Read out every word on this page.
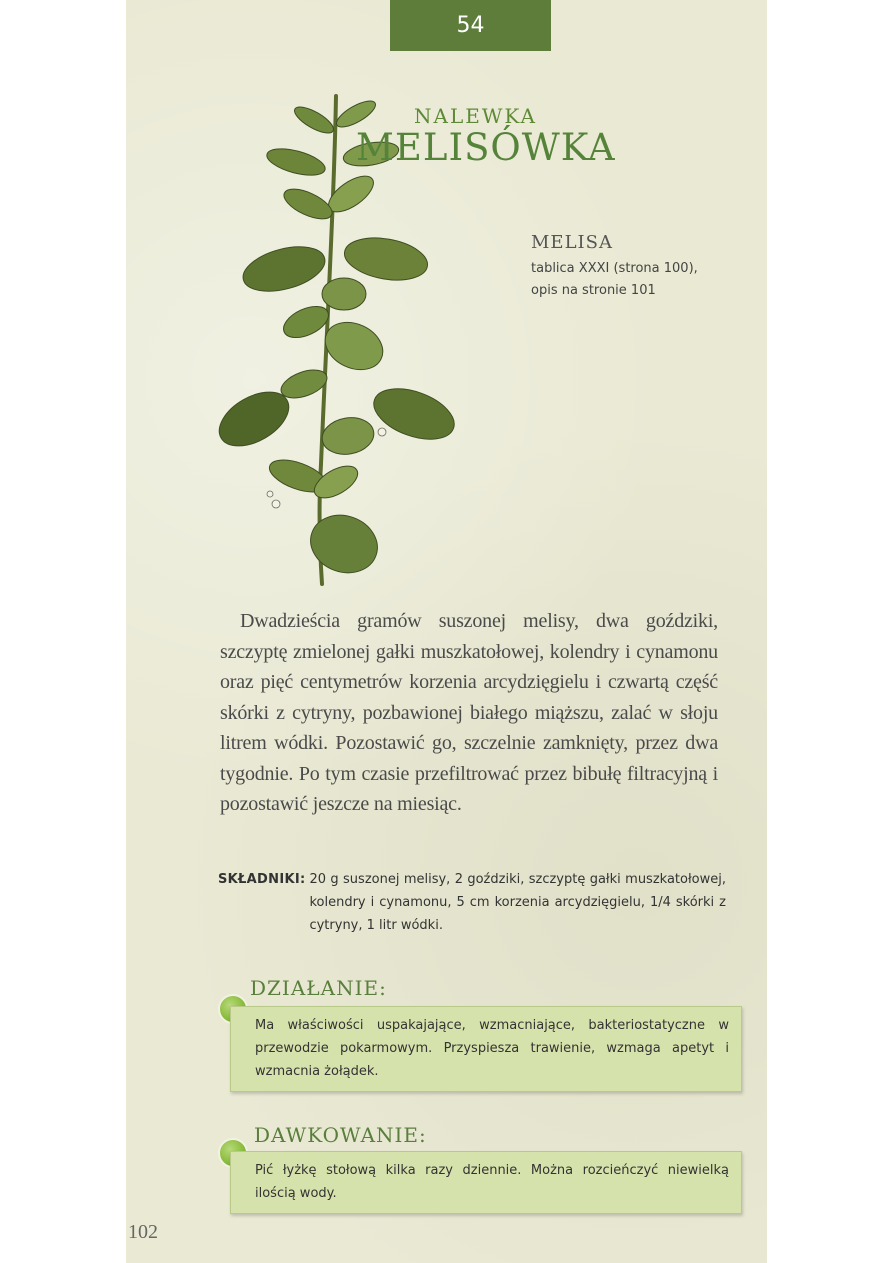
54
NALEWKA
MELISÓWKA
MELISA
tablica XXXI (strona 100),
opis na stronie 101
Dwadzieścia gramów suszonej melisy, dwa goździki, szczyptę zmielonej gałki muszkatołowej, kolendry i cynamonu oraz pięć centymetrów korzenia arcydzięgielu i czwartą część skórki z cytryny, pozbawionej białego miąższu, zalać w słoju litrem wódki. Pozostawić go, szczelnie zamknięty, przez dwa tygodnie. Po tym czasie przefiltrować przez bibułę filtracyjną i pozostawić jeszcze na miesiąc.
SKŁADNIKI: 20 g suszonej melisy, 2 goździki, szczyptę gałki muszkatołowej, kolendry i cynamonu, 5 cm korzenia arcydzięgielu, 1/4 skórki z cytryny, 1 litr wódki.
DZIAŁANIE:
Ma właściwości uspakajające, wzmacniające, bakteriostatyczne w przewodzie pokarmowym. Przyspiesza trawienie, wzmaga apetyt i wzmacnia żołądek.
DAWKOWANIE:
Pić łyżkę stołową kilka razy dziennie. Można rozcieńczyć niewielką ilością wody.
102
